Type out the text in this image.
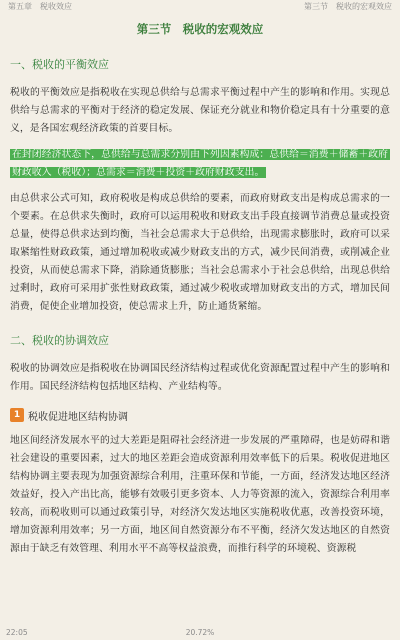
第五章　税收效应	第三节　税收的宏观效应
第三节　税收的宏观效应
一、税收的平衡效应

税收的平衡效应是指税收在实现总供给与总需求平衡过程中产生的影响和作用。实现总供给与总需求的平衡对于经济的稳定发展、保证充分就业和物价稳定具有十分重要的意义，是各国宏观经济政策的首要目标。

在封闭经济状态下，总供给与总需求分别由下列因素构成：总供给＝消费＋储蓄＋政府财政收入（税收）；总需求＝消费＋投资＋政府财政支出。

由总供求公式可知，政府税收是构成总供给的要素，而政府财政支出是构成总需求的一个要素。在总供求失衡时，政府可以运用税收和财政支出手段直接调节消费总量或投资总量，使得总供求达到均衡，当社会总需求大于总供给，出现需求膨胀时，政府可以采取紧缩性财政政策，通过增加税收或减少财政支出的方式，减少民间消费，或削减企业投资，从而使总需求下降，消除通货膨胀；当社会总需求小于社会总供给，出现总供给过剩时，政府可采用扩张性财政政策，通过减少税收或增加财政支出的方式，增加民间消费，促使企业增加投资，使总需求上升，防止通货紧缩。

二、税收的协调效应

税收的协调效应是指税收在协调国民经济结构过程或优化资源配置过程中产生的影响和作用。国民经济结构包括地区结构、产业结构等。

1 税收促进地区结构协调

地区间经济发展水平的过大差距是阻碍社会经济进一步发展的严重障碍，也是妨碍和谐社会建设的重要因素，过大的地区差距会造成资源利用效率低下的后果。税收促进地区结构协调主要表现为加强资源综合利用，注重环保和节能，一方面，经济发达地区经济效益好，投入产出比高，能够有效吸引更多资本、人力等资源的流入，资源综合利用率较高，而税收则可以通过政策引导，对经济欠发达地区实施税收优惠，改善投资环境，增加资源利用效率；另一方面，地区间自然资源分布不平衡，经济欠发达地区的自然资源由于缺乏有效管理、利用水平不高等权益浪费，而推行科学的环境税、资源税

22:05	20.72%
